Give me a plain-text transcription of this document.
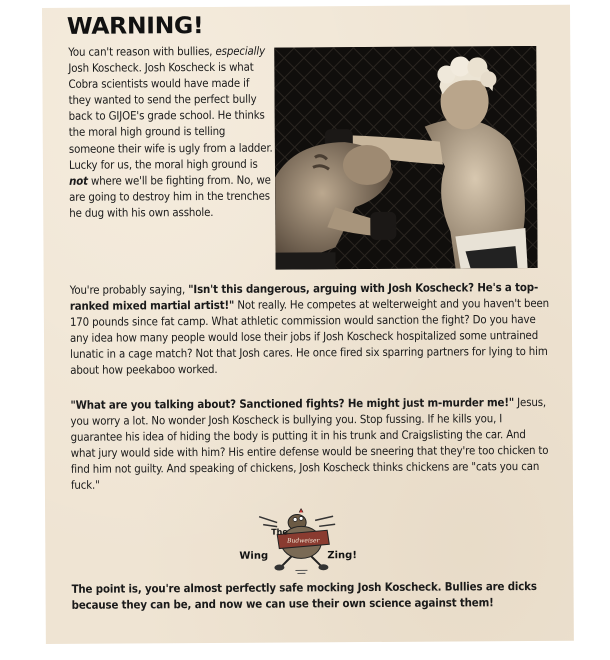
WARNING!
You can't reason with bullies, especially Josh Koscheck. Josh Koscheck is what Cobra scientists would have made if they wanted to send the perfect bully back to GIJOE's grade school. He thinks the moral high ground is telling someone their wife is ugly from a ladder. Lucky for us, the moral high ground is not where we'll be fighting from. No, we are going to destroy him in the trenches he dug with his own asshole.
You're probably saying, "Isn't this dangerous, arguing with Josh Koscheck? He's a top-ranked mixed martial artist!" Not really. He competes at welterweight and you haven't been 170 pounds since fat camp. What athletic commission would sanction the fight? Do you have any idea how many people would lose their jobs if Josh Koscheck hospitalized some untrained lunatic in a cage match? Not that Josh cares. He once fired six sparring partners for lying to him about how peekaboo worked.
"What are you talking about? Sanctioned fights? He might just m-murder me!" Jesus, you worry a lot. No wonder Josh Koscheck is bullying you. Stop fussing. If he kills you, I guarantee his idea of hiding the body is putting it in his trunk and Craigslisting the car. And what jury would side with him? His entire defense would be sneering that they're too chicken to find him not guilty. And speaking of chickens, Josh Koscheck thinks chickens are "cats you can fuck."
Budweiser
The
Wing	Zing!
The point is, you're almost perfectly safe mocking Josh Koscheck. Bullies are dicks because they can be, and now we can use their own science against them!
